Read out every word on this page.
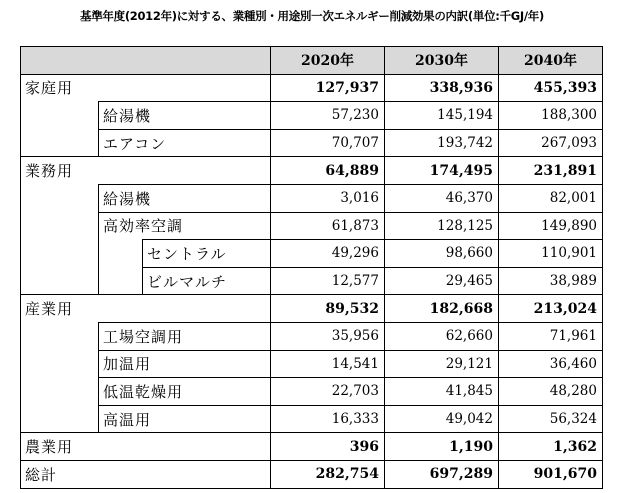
基準年度(2012年)に対する、業種別・用途別一次エネルギー削減効果の内訳(単位:千GJ/年)
			2020年	2030年	2040年
家庭用			127,937	338,936	455,393
	給湯機		57,230	145,194	188,300
	エアコン		70,707	193,742	267,093
業務用			64,889	174,495	231,891
	給湯機		3,016	46,370	82,001
	高効率空調		61,873	128,125	149,890
		セントラル	49,296	98,660	110,901
		ビルマルチ	12,577	29,465	38,989
産業用			89,532	182,668	213,024
	工場空調用		35,956	62,660	71,961
	加温用		14,541	29,121	36,460
	低温乾燥用		22,703	41,845	48,280
	高温用		16,333	49,042	56,324
農業用			396	1,190	1,362
総計			282,754	697,289	901,670
